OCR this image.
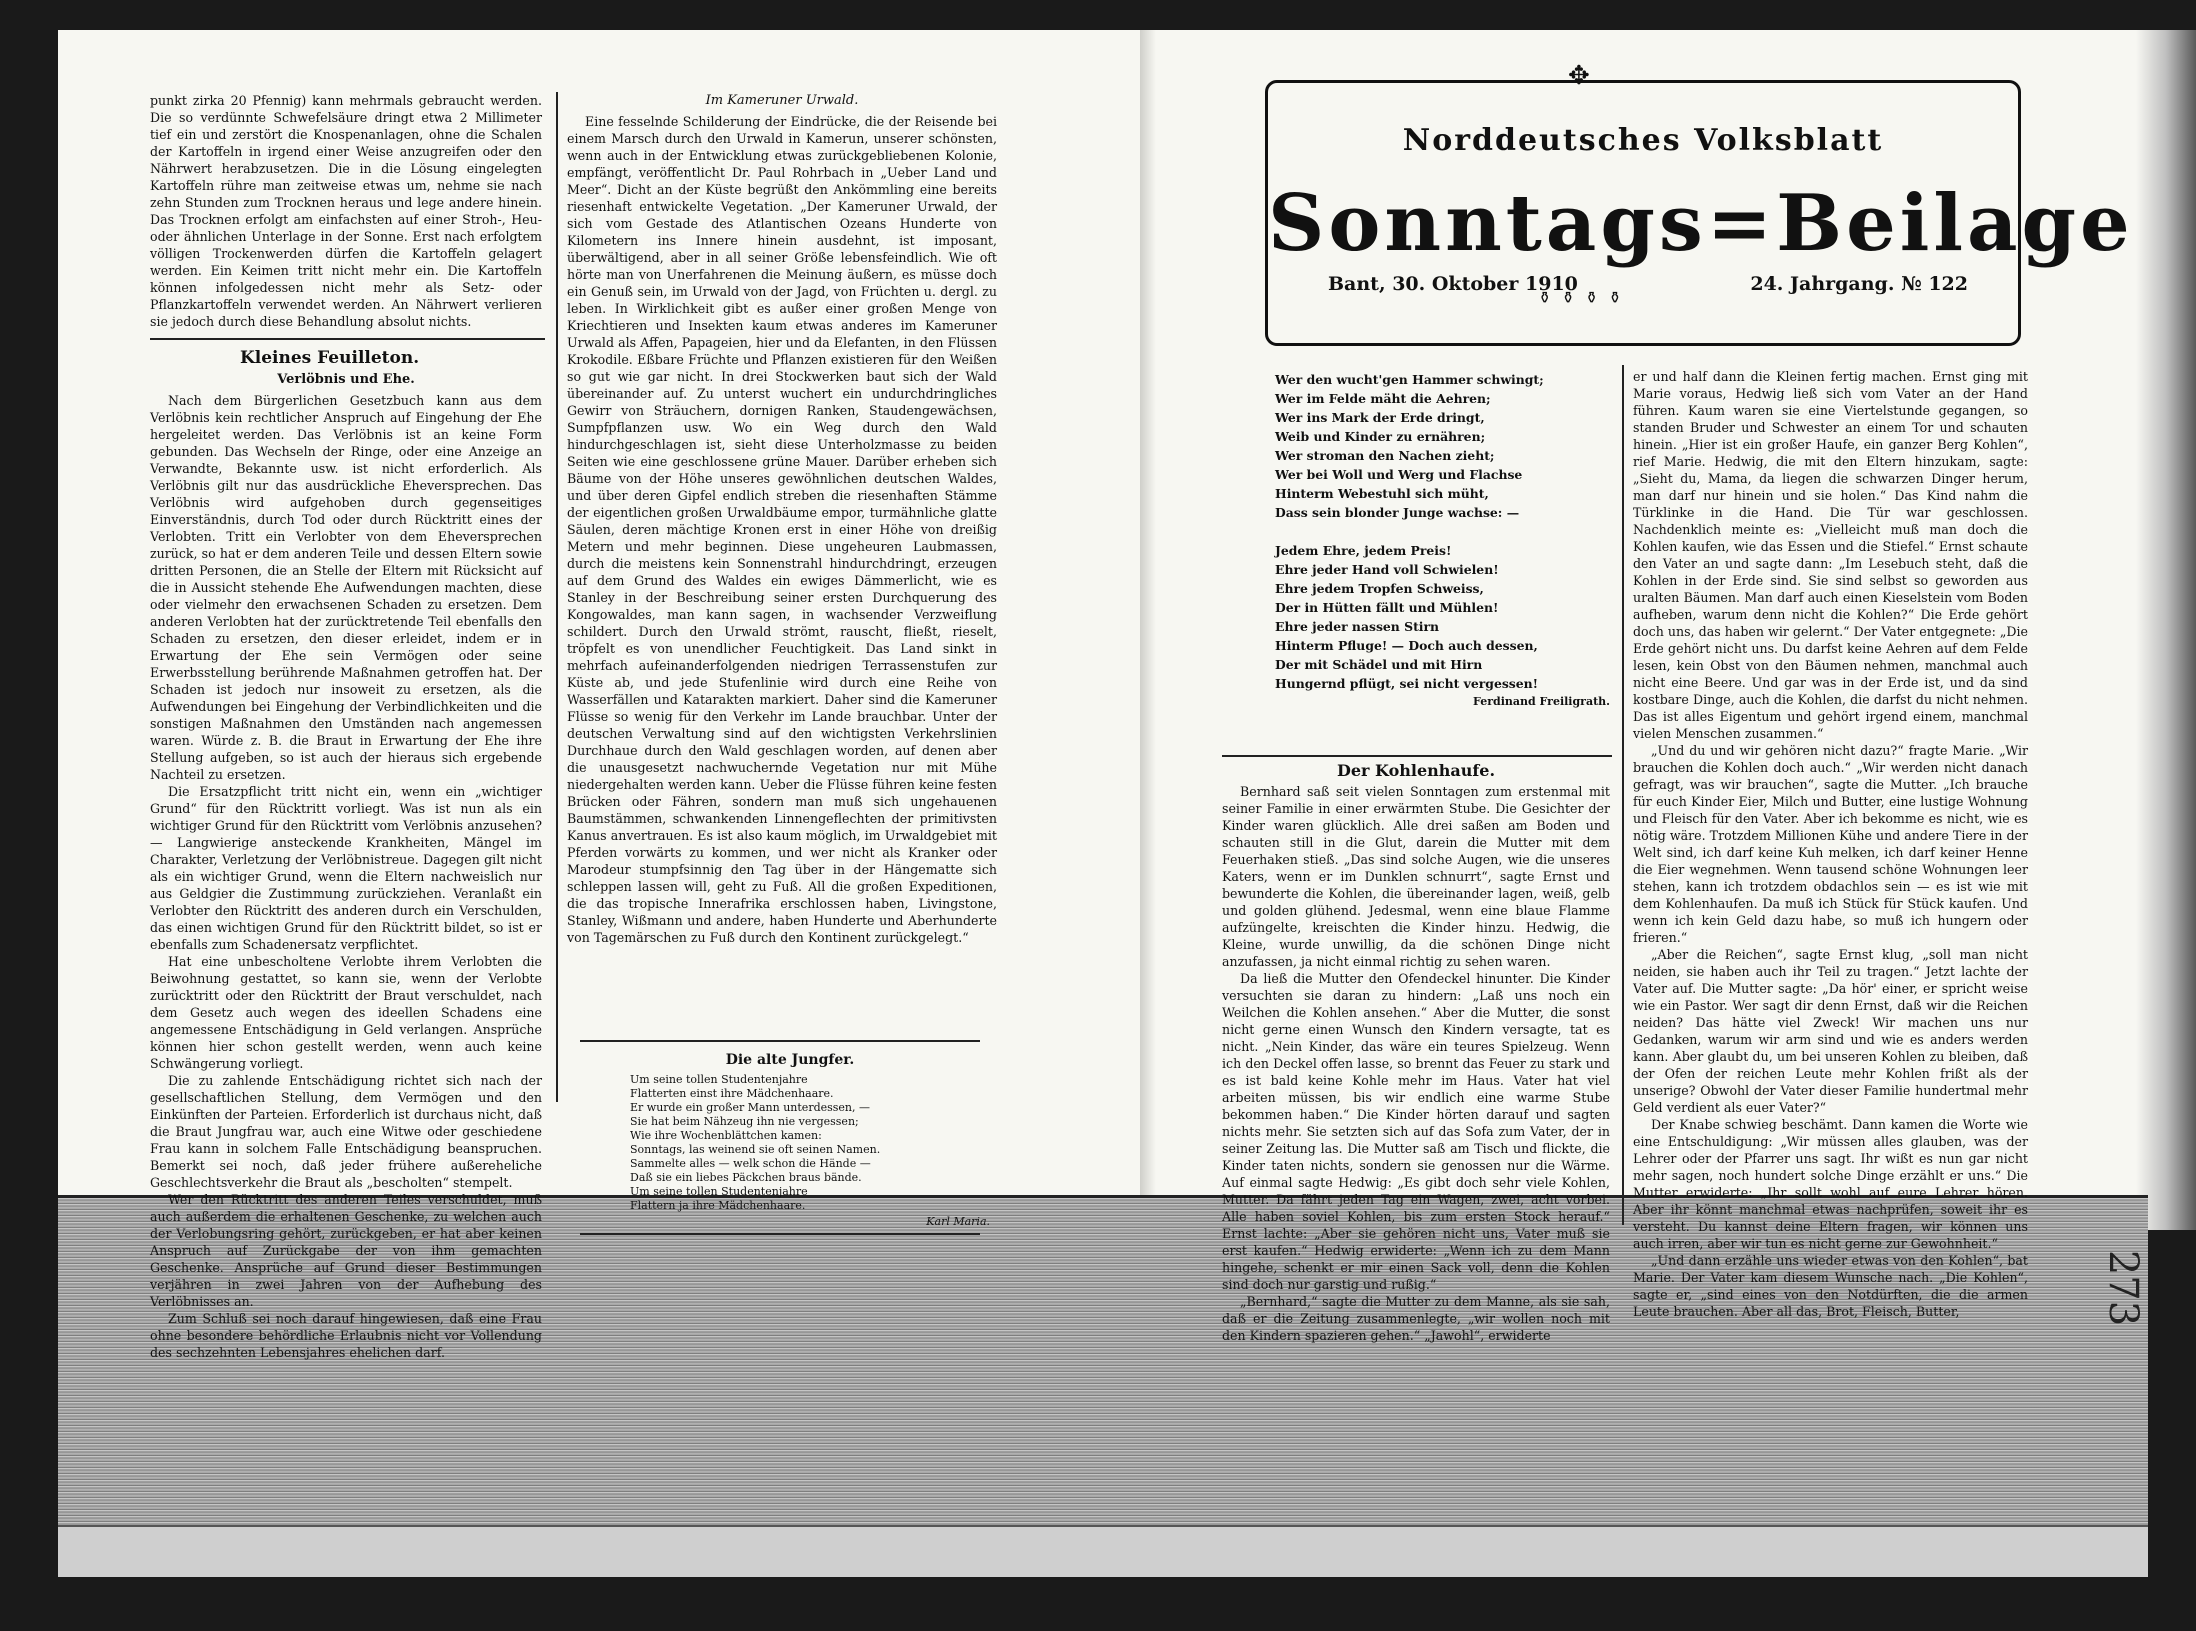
punkt zirka 20 Pfennig) kann mehrmals gebraucht werden. Die so verdünnte Schwefelsäure dringt etwa 2 Millimeter tief ein und zerstört die Knospenanlagen, ohne die Schalen der Kartoffeln in irgend einer Weise anzugreifen oder den Nährwert herabzusetzen. Die in die Lösung eingelegten Kartoffeln rühre man zeitweise etwas um, nehme sie nach zehn Stunden zum Trocknen heraus und lege andere hinein. Das Trocknen erfolgt am einfachsten auf einer Stroh-, Heu- oder ähnlichen Unterlage in der Sonne. Erst nach erfolgtem völligen Trockenwerden dürfen die Kartoffeln gelagert werden. Ein Keimen tritt nicht mehr ein. Die Kartoffeln können infolgedessen nicht mehr als Setz- oder Pflanzkartoffeln verwendet werden. An Nährwert verlieren sie jedoch durch diese Behandlung absolut nichts.

Kleines Feuilleton.
Verlöbnis und Ehe.

Nach dem Bürgerlichen Gesetzbuch kann aus dem Verlöbnis kein rechtlicher Anspruch auf Eingehung der Ehe hergeleitet werden. Das Verlöbnis ist an keine Form gebunden. Das Wechseln der Ringe, oder eine Anzeige an Verwandte, Bekannte usw. ist nicht erforderlich. Als Verlöbnis gilt nur das ausdrückliche Eheversprechen. Das Verlöbnis wird aufgehoben durch gegenseitiges Einverständnis, durch Tod oder durch Rücktritt eines der Verlobten. Tritt ein Verlobter von dem Eheversprechen zurück, so hat er dem anderen Teile und dessen Eltern sowie dritten Personen, die an Stelle der Eltern mit Rücksicht auf die in Aussicht stehende Ehe Aufwendungen machten, diese oder vielmehr den erwachsenen Schaden zu ersetzen. Dem anderen Verlobten hat der zurücktretende Teil ebenfalls den Schaden zu ersetzen, den dieser erleidet, indem er in Erwartung der Ehe sein Vermögen oder seine Erwerbsstellung berührende Maßnahmen getroffen hat. Der Schaden ist jedoch nur insoweit zu ersetzen, als die Aufwendungen bei Eingehung der Verbindlichkeiten und die sonstigen Maßnahmen den Umständen nach angemessen waren. Würde z. B. die Braut in Erwartung der Ehe ihre Stellung aufgeben, so ist auch der hieraus sich ergebende Nachteil zu ersetzen.

Die Ersatzpflicht tritt nicht ein, wenn ein „wichtiger Grund“ für den Rücktritt vorliegt. Was ist nun als ein wichtiger Grund für den Rücktritt vom Verlöbnis anzusehen? — Langwierige ansteckende Krankheiten, Mängel im Charakter, Verletzung der Verlöbnistreue. Dagegen gilt nicht als ein wichtiger Grund, wenn die Eltern nachweislich nur aus Geldgier die Zustimmung zurückziehen. Veranlaßt ein Verlobter den Rücktritt des anderen durch ein Verschulden, das einen wichtigen Grund für den Rücktritt bildet, so ist er ebenfalls zum Schadenersatz verpflichtet.

Hat eine unbescholtene Verlobte ihrem Verlobten die Beiwohnung gestattet, so kann sie, wenn der Verlobte zurücktritt oder den Rücktritt der Braut verschuldet, nach dem Gesetz auch wegen des ideellen Schadens eine angemessene Entschädigung in Geld verlangen. Ansprüche können hier schon gestellt werden, wenn auch keine Schwängerung vorliegt.

Die zu zahlende Entschädigung richtet sich nach der gesellschaftlichen Stellung, dem Vermögen und den Einkünften der Parteien. Erforderlich ist durchaus nicht, daß die Braut Jungfrau war, auch eine Witwe oder geschiedene Frau kann in solchem Falle Entschädigung beanspruchen. Bemerkt sei noch, daß jeder frühere außereheliche Geschlechtsverkehr die Braut als „bescholten“ stempelt.

Wer den Rücktritt des anderen Teiles verschuldet, muß auch außerdem die erhaltenen Geschenke, zu welchen auch der Verlobungsring gehört, zurückgeben, er hat aber keinen Anspruch auf Zurückgabe der von ihm gemachten Geschenke. Ansprüche auf Grund dieser Bestimmungen verjähren in zwei Jahren von der Aufhebung des Verlöbnisses an.

Zum Schluß sei noch darauf hingewiesen, daß eine Frau ohne besondere behördliche Erlaubnis nicht vor Vollendung des sechzehnten Lebensjahres ehelichen darf.

Im Kameruner Urwald.

Eine fesselnde Schilderung der Eindrücke, die der Reisende bei einem Marsch durch den Urwald in Kamerun, unserer schönsten, wenn auch in der Entwicklung etwas zurückgebliebenen Kolonie, empfängt, veröffentlicht Dr. Paul Rohrbach in „Ueber Land und Meer“. Dicht an der Küste begrüßt den Ankömmling eine bereits riesenhaft entwickelte Vegetation. „Der Kameruner Urwald, der sich vom Gestade des Atlantischen Ozeans Hunderte von Kilometern ins Innere hinein ausdehnt, ist imposant, überwältigend, aber in all seiner Größe lebensfeindlich. Wie oft hörte man von Unerfahrenen die Meinung äußern, es müsse doch ein Genuß sein, im Urwald von der Jagd, von Früchten u. dergl. zu leben. In Wirklichkeit gibt es außer einer großen Menge von Kriechtieren und Insekten kaum etwas anderes im Kameruner Urwald als Affen, Papageien, hier und da Elefanten, in den Flüssen Krokodile. Eßbare Früchte und Pflanzen existieren für den Weißen so gut wie gar nicht. In drei Stockwerken baut sich der Wald übereinander auf. Zu unterst wuchert ein undurchdringliches Gewirr von Sträuchern, dornigen Ranken, Staudengewächsen, Sumpfpflanzen usw. Wo ein Weg durch den Wald hindurchgeschlagen ist, sieht diese Unterholzmasse zu beiden Seiten wie eine geschlossene grüne Mauer. Darüber erheben sich Bäume von der Höhe unseres gewöhnlichen deutschen Waldes, und über deren Gipfel endlich streben die riesenhaften Stämme der eigentlichen großen Urwaldbäume empor, turmähnliche glatte Säulen, deren mächtige Kronen erst in einer Höhe von dreißig Metern und mehr beginnen. Diese ungeheuren Laubmassen, durch die meistens kein Sonnenstrahl hindurchdringt, erzeugen auf dem Grund des Waldes ein ewiges Dämmerlicht, wie es Stanley in der Beschreibung seiner ersten Durchquerung des Kongowaldes, man kann sagen, in wachsender Verzweiflung schildert. Durch den Urwald strömt, rauscht, fließt, rieselt, tröpfelt es von unendlicher Feuchtigkeit. Das Land sinkt in mehrfach aufeinanderfolgenden niedrigen Terrassenstufen zur Küste ab, und jede Stufenlinie wird durch eine Reihe von Wasserfällen und Katarakten markiert. Daher sind die Kameruner Flüsse so wenig für den Verkehr im Lande brauchbar. Unter der deutschen Verwaltung sind auf den wichtigsten Verkehrslinien Durchhaue durch den Wald geschlagen worden, auf denen aber die unausgesetzt nachwuchernde Vegetation nur mit Mühe niedergehalten werden kann. Ueber die Flüsse führen keine festen Brücken oder Fähren, sondern man muß sich ungehauenen Baumstämmen, schwankenden Linnengeflechten der primitivsten Kanus anvertrauen. Es ist also kaum möglich, im Urwaldgebiet mit Pferden vorwärts zu kommen, und wer nicht als Kranker oder Marodeur stumpfsinnig den Tag über in der Hängematte sich schleppen lassen will, geht zu Fuß. All die großen Expeditionen, die das tropische Innerafrika erschlossen haben, Livingstone, Stanley, Wißmann und andere, haben Hunderte und Aberhunderte von Tagemärschen zu Fuß durch den Kontinent zurückgelegt.“

Die alte Jungfer.
Um seine tollen Studentenjahre
Flatterten einst ihre Mädchenhaare.
Er wurde ein großer Mann unterdessen, —
Sie hat beim Nähzeug ihn nie vergessen;
Wie ihre Wochenblättchen kamen:
Sonntags, las weinend sie oft seinen Namen.
Sammelte alles — welk schon die Hände —
Daß sie ein liebes Päckchen braus bände.
Um seine tollen Studentenjahre
Flattern ja ihre Mädchenhaare.
Karl Maria.
✥
Norddeutsches Volksblatt
Sonntags=Beilage
Bant, 30. Oktober 1910	24. Jahrgang. № 122
⚱⚱⚱⚱
Wer den wucht'gen Hammer schwingt;
Wer im Felde mäht die Aehren;
Wer ins Mark der Erde dringt,
Weib und Kinder zu ernähren;
Wer stroman den Nachen zieht;
Wer bei Woll und Werg und Flachse
Hinterm Webestuhl sich müht,
Dass sein blonder Junge wachse: —

Jedem Ehre, jedem Preis!
Ehre jeder Hand voll Schwielen!
Ehre jedem Tropfen Schweiss,
Der in Hütten fällt und Mühlen!
Ehre jeder nassen Stirn
Hinterm Pfluge! — Doch auch dessen,
Der mit Schädel und mit Hirn
Hungernd pflügt, sei nicht vergessen!
Ferdinand Freiligrath.
Der Kohlenhaufe.

Bernhard saß seit vielen Sonntagen zum erstenmal mit seiner Familie in einer erwärmten Stube. Die Gesichter der Kinder waren glücklich. Alle drei saßen am Boden und schauten still in die Glut, darein die Mutter mit dem Feuerhaken stieß. „Das sind solche Augen, wie die unseres Katers, wenn er im Dunklen schnurrt“, sagte Ernst und bewunderte die Kohlen, die übereinander lagen, weiß, gelb und golden glühend. Jedesmal, wenn eine blaue Flamme aufzüngelte, kreischten die Kinder hinzu. Hedwig, die Kleine, wurde unwillig, da die schönen Dinge nicht anzufassen, ja nicht einmal richtig zu sehen waren.

Da ließ die Mutter den Ofendeckel hinunter. Die Kinder versuchten sie daran zu hindern: „Laß uns noch ein Weilchen die Kohlen ansehen.“ Aber die Mutter, die sonst nicht gerne einen Wunsch den Kindern versagte, tat es nicht. „Nein Kinder, das wäre ein teures Spielzeug. Wenn ich den Deckel offen lasse, so brennt das Feuer zu stark und es ist bald keine Kohle mehr im Haus. Vater hat viel arbeiten müssen, bis wir endlich eine warme Stube bekommen haben.“ Die Kinder hörten darauf und sagten nichts mehr. Sie setzten sich auf das Sofa zum Vater, der in seiner Zeitung las. Die Mutter saß am Tisch und flickte, die Kinder taten nichts, sondern sie genossen nur die Wärme. Auf einmal sagte Hedwig: „Es gibt doch sehr viele Kohlen, Mutter. Da fährt jeden Tag ein Wagen, zwei, acht vorbei. Alle haben soviel Kohlen, bis zum ersten Stock herauf.“ Ernst lachte: „Aber sie gehören nicht uns, Vater muß sie erst kaufen.“ Hedwig erwiderte: „Wenn ich zu dem Mann hingehe, schenkt er mir einen Sack voll, denn die Kohlen sind doch nur garstig und rußig.“

„Bernhard,“ sagte die Mutter zu dem Manne, als sie sah, daß er die Zeitung zusammenlegte, „wir wollen noch mit den Kindern spazieren gehen.“ „Jawohl“, erwiderte

er und half dann die Kleinen fertig machen. Ernst ging mit Marie voraus, Hedwig ließ sich vom Vater an der Hand führen. Kaum waren sie eine Viertelstunde gegangen, so standen Bruder und Schwester an einem Tor und schauten hinein. „Hier ist ein großer Haufe, ein ganzer Berg Kohlen“, rief Marie. Hedwig, die mit den Eltern hinzukam, sagte: „Sieht du, Mama, da liegen die schwarzen Dinger herum, man darf nur hinein und sie holen.“ Das Kind nahm die Türklinke in die Hand. Die Tür war geschlossen. Nachdenklich meinte es: „Vielleicht muß man doch die Kohlen kaufen, wie das Essen und die Stiefel.“ Ernst schaute den Vater an und sagte dann: „Im Lesebuch steht, daß die Kohlen in der Erde sind. Sie sind selbst so geworden aus uralten Bäumen. Man darf auch einen Kieselstein vom Boden aufheben, warum denn nicht die Kohlen?“ Die Erde gehört doch uns, das haben wir gelernt.“ Der Vater entgegnete: „Die Erde gehört nicht uns. Du darfst keine Aehren auf dem Felde lesen, kein Obst von den Bäumen nehmen, manchmal auch nicht eine Beere. Und gar was in der Erde ist, und da sind kostbare Dinge, auch die Kohlen, die darfst du nicht nehmen. Das ist alles Eigentum und gehört irgend einem, manchmal vielen Menschen zusammen.“

„Und du und wir gehören nicht dazu?“ fragte Marie. „Wir brauchen die Kohlen doch auch.“ „Wir werden nicht danach gefragt, was wir brauchen“, sagte die Mutter. „Ich brauche für euch Kinder Eier, Milch und Butter, eine lustige Wohnung und Fleisch für den Vater. Aber ich bekomme es nicht, wie es nötig wäre. Trotzdem Millionen Kühe und andere Tiere in der Welt sind, ich darf keine Kuh melken, ich darf keiner Henne die Eier wegnehmen. Wenn tausend schöne Wohnungen leer stehen, kann ich trotzdem obdachlos sein — es ist wie mit dem Kohlenhaufen. Da muß ich Stück für Stück kaufen. Und wenn ich kein Geld dazu habe, so muß ich hungern oder frieren.“

„Aber die Reichen“, sagte Ernst klug, „soll man nicht neiden, sie haben auch ihr Teil zu tragen.“ Jetzt lachte der Vater auf. Die Mutter sagte: „Da hör' einer, er spricht weise wie ein Pastor. Wer sagt dir denn Ernst, daß wir die Reichen neiden? Das hätte viel Zweck! Wir machen uns nur Gedanken, warum wir arm sind und wie es anders werden kann. Aber glaubt du, um bei unseren Kohlen zu bleiben, daß der Ofen der reichen Leute mehr Kohlen frißt als der unserige? Obwohl der Vater dieser Familie hundertmal mehr Geld verdient als euer Vater?“

Der Knabe schwieg beschämt. Dann kamen die Worte wie eine Entschuldigung: „Wir müssen alles glauben, was der Lehrer oder der Pfarrer uns sagt. Ihr wißt es nun gar nicht mehr sagen, noch hundert solche Dinge erzählt er uns.“ Die Mutter erwiderte: „Ihr sollt wohl auf eure Lehrer hören. Aber ihr könnt manchmal etwas nachprüfen, soweit ihr es versteht. Du kannst deine Eltern fragen, wir können uns auch irren, aber wir tun es nicht gerne zur Gewohnheit.“

„Und dann erzähle uns wieder etwas von den Kohlen“, bat Marie. Der Vater kam diesem Wunsche nach. „Die Kohlen“, sagte er, „sind eines von den Notdürften, die die armen Leute brauchen. Aber all das, Brot, Fleisch, Butter,	273
